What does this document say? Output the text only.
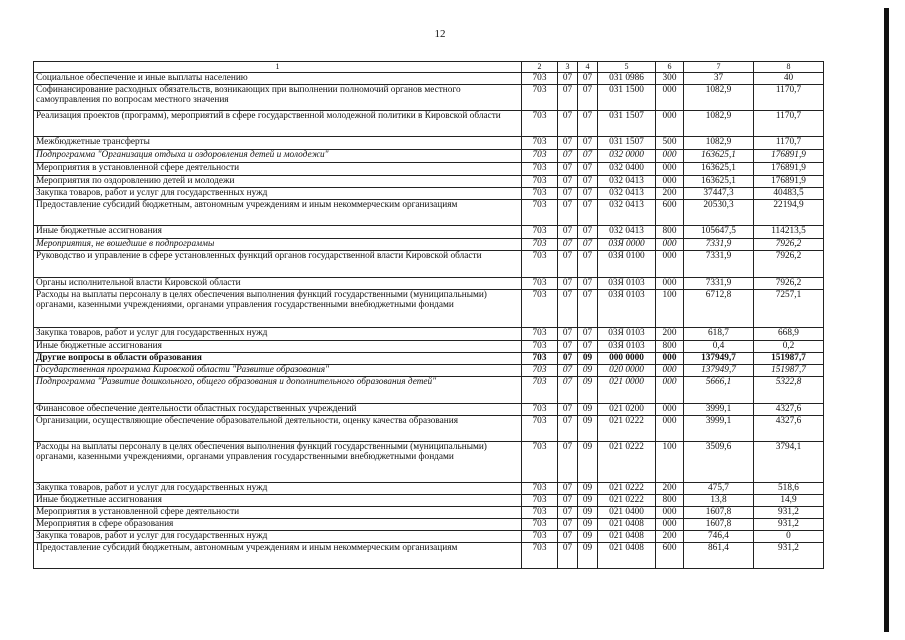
12
1	2	3	4	5	6	7	8
Социальное обеспечение и иные выплаты населению	703	07	07	031 0986	300	37	40
Софинансирование расходных обязательств, возникающих при выполнении полномочий органов местного самоуправления по вопросам местного значения	703	07	07	031 1500	000	1082,9	1170,7
Реализация проектов (программ), мероприятий в сфере государственной молодежной политики в Кировской области	703	07	07	031 1507	000	1082,9	1170,7
Межбюджетные трансферты	703	07	07	031 1507	500	1082,9	1170,7
Подпрограмма "Организация отдыха и оздоровления детей и молодежи"	703	07	07	032 0000	000	163625,1	176891,9
Мероприятия в установленной сфере деятельности	703	07	07	032 0400	000	163625,1	176891,9
Мероприятия по оздоровлению детей и молодежи	703	07	07	032 0413	000	163625,1	176891,9
Закупка товаров, работ и услуг для государственных нужд	703	07	07	032 0413	200	37447,3	40483,5
Предоставление субсидий бюджетным, автономным учреждениям и иным некоммерческим организациям	703	07	07	032 0413	600	20530,3	22194,9
Иные бюджетные ассигнования	703	07	07	032 0413	800	105647,5	114213,5
Мероприятия, не вошедшие в подпрограммы	703	07	07	03Я 0000	000	7331,9	7926,2
Руководство и управление в сфере установленных функций органов государственной власти Кировской области	703	07	07	03Я 0100	000	7331,9	7926,2
Органы исполнительной власти Кировской области	703	07	07	03Я 0103	000	7331,9	7926,2
Расходы на выплаты персоналу в целях обеспечения выполнения функций государственными (муниципальными) органами, казенными учреждениями, органами управления государственными внебюджетными фондами	703	07	07	03Я 0103	100	6712,8	7257,1
Закупка товаров, работ и услуг для государственных нужд	703	07	07	03Я 0103	200	618,7	668,9
Иные бюджетные ассигнования	703	07	07	03Я 0103	800	0,4	0,2
Другие вопросы в области образования	703	07	09	000 0000	000	137949,7	151987,7
Государственная программа Кировской области "Развитие образования"	703	07	09	020 0000	000	137949,7	151987,7
Подпрограмма "Развитие дошкольного, общего образования и дополнительного образования детей"	703	07	09	021 0000	000	5666,1	5322,8
Финансовое обеспечение деятельности областных государственных учреждений	703	07	09	021 0200	000	3999,1	4327,6
Организации, осуществляющие обеспечение образовательной деятельности, оценку качества образования	703	07	09	021 0222	000	3999,1	4327,6
Расходы на выплаты персоналу в целях обеспечения выполнения функций государственными (муниципальными) органами, казенными учреждениями, органами управления государственными внебюджетными фондами	703	07	09	021 0222	100	3509,6	3794,1
Закупка товаров, работ и услуг для государственных нужд	703	07	09	021 0222	200	475,7	518,6
Иные бюджетные ассигнования	703	07	09	021 0222	800	13,8	14,9
Мероприятия в установленной сфере деятельности	703	07	09	021 0400	000	1607,8	931,2
Мероприятия в сфере образования	703	07	09	021 0408	000	1607,8	931,2
Закупка товаров, работ и услуг для государственных нужд	703	07	09	021 0408	200	746,4	0
Предоставление субсидий бюджетным, автономным учреждениям и иным некоммерческим организациям	703	07	09	021 0408	600	861,4	931,2
